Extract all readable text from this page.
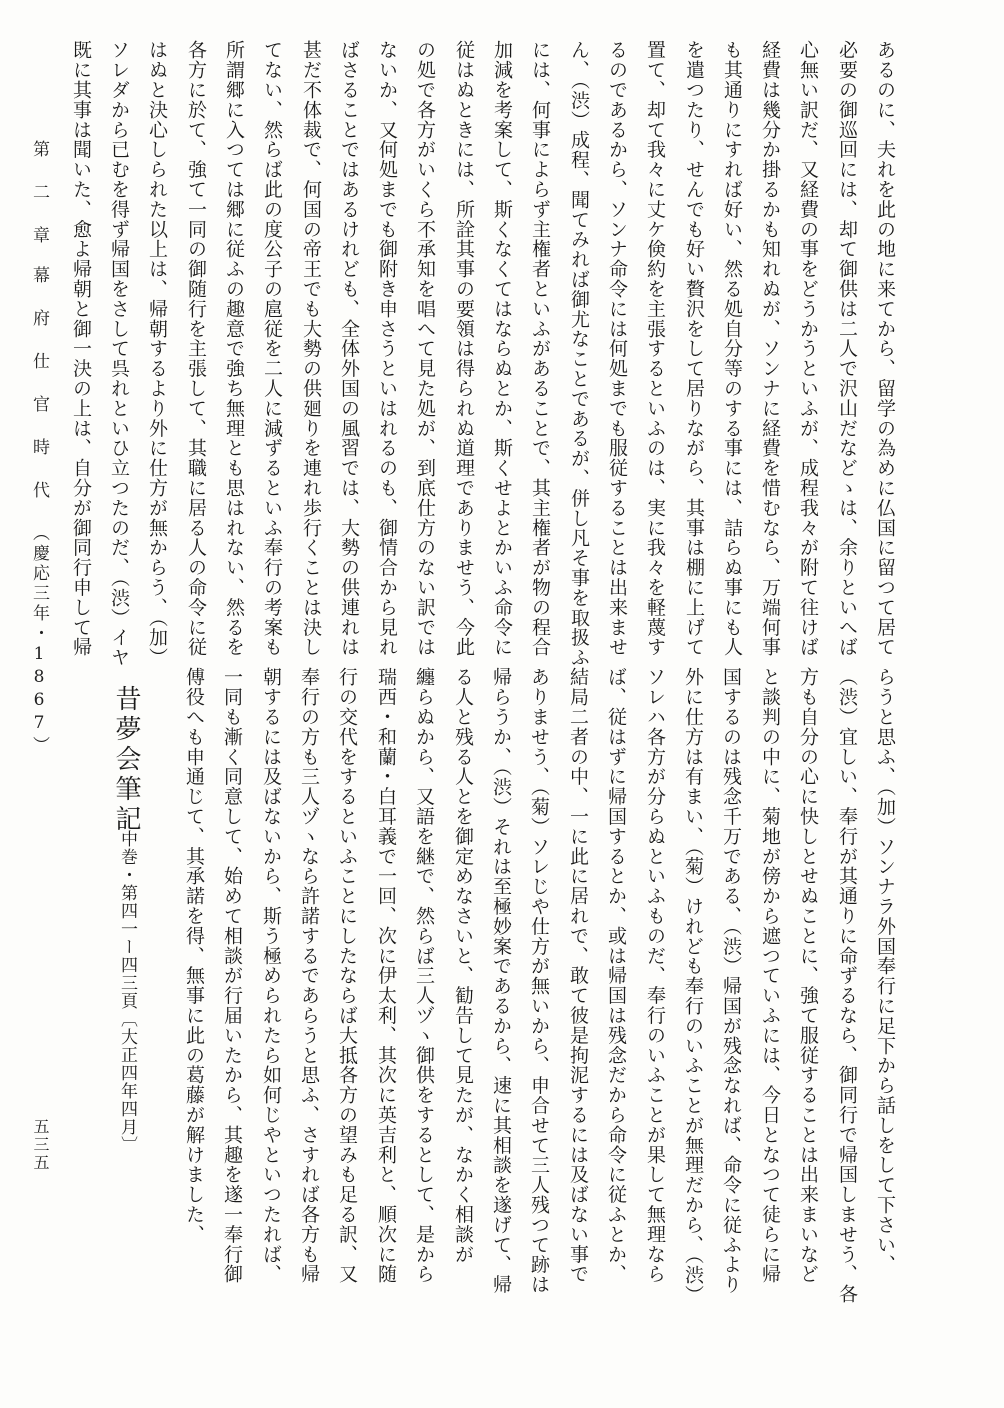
第 二 章　幕 府 仕 官 時 代 （慶応三年・1867）	あるのに、夫れを此の地に来てから、留学の為めに仏国に留つて居て
必要の御巡回には、却て御供は二人で沢山だなどゝは、余りといへば
心無い訳だ、又経費の事をどうかうといふが、成程我々が附て往けば
経費は幾分か掛るかも知れぬが、ソンナに経費を惜むなら、万端何事
も其通りにすれば好い、然る処自分等のする事には、詰らぬ事にも人
を遣つたり、せんでも好い贅沢をして居りながら、其事は棚に上げて
置て、却て我々に丈ケ倹約を主張するといふのは、実に我々を軽蔑す
るのであるから、ソンナ命令には何処までも服従することは出来ませ
ん、（渋）成程、聞てみれば御尤なことであるが、併し凡そ事を取扱ふ
には、何事によらず主権者といふがあることで、其主権者が物の程合
加減を考案して、斯くなくてはならぬとか、斯くせよとかいふ命令に
従はぬときには、所詮其事の要領は得られぬ道理でありませう、今此
の処で各方がいくら不承知を唱へて見た処が、到底仕方のない訳では
ないか、又何処までも御附き申さうといはれるのも、御情合から見れ
ばさることではあるけれども、全体外国の風習では、大勢の供連れは
甚だ不体裁で、何国の帝王でも大勢の供廻りを連れ歩行くことは決し
てない、然らば此の度公子の扈従を二人に減ずるといふ奉行の考案も
所謂郷に入つては郷に従ふの趣意で強ち無理とも思はれない、然るを
各方に於て、強て一同の御随行を主張して、其職に居る人の命令に従
はぬと決心しられた以上は、帰朝するより外に仕方が無からう、（加）
ソレダから已むを得ず帰国をさして呉れといひ立つたのだ、（渋）イヤ
既に其事は聞いた、愈よ帰朝と御一決の上は、自分が御同行申して帰
らうと思ふ、（加）ソンナラ外国奉行に足下から話しをして下さい、
（渋）宜しい、奉行が其通りに命ずるなら、御同行で帰国しませう、各
方も自分の心に快しとせぬことに、強て服従することは出来まいなど
と談判の中に、菊地が傍から遮つていふには、今日となつて徒らに帰
国するのは残念千万である、（渋）帰国が残念なれば、命令に従ふより
外に仕方は有まい、（菊）けれども奉行のいふことが無理だから、（渋）
ソレハ各方が分らぬといふものだ、奉行のいふことが果して無理なら
ば、従はずに帰国するとか、或は帰国は残念だから命令に従ふとか、
結局二者の中、一に此に居れで、敢て彼是拘泥するには及ばない事で
ありませう、（菊）ソレじや仕方が無いから、申合せて三人残つて跡は
帰らうか、（渋）それは至極妙案であるから、速に其相談を遂げて、帰
る人と残る人とを御定めなさいと、勧告して見たが、なかく相談が
纏らぬから、又語を継で、然らば三人ヅヽ御供をするとして、是から
瑞西・和蘭・白耳義で一回、次に伊太利、其次に英吉利と、順次に随
行の交代をするといふことにしたならば大抵各方の望みも足る訳、又
奉行の方も三人ヅヽなら許諾するであらうと思ふ、さすれば各方も帰
朝するには及ばないから、斯う極められたら如何じやといつたれば、
一同も漸く同意して、始めて相談が行届いたから、其趣を遂一奉行御
傅役へも申通じて、其承諾を得、無事に此の葛藤が解けました、
昔夢会筆記
中巻・第四一ー四三頁〔大正四年四月〕
五三五
